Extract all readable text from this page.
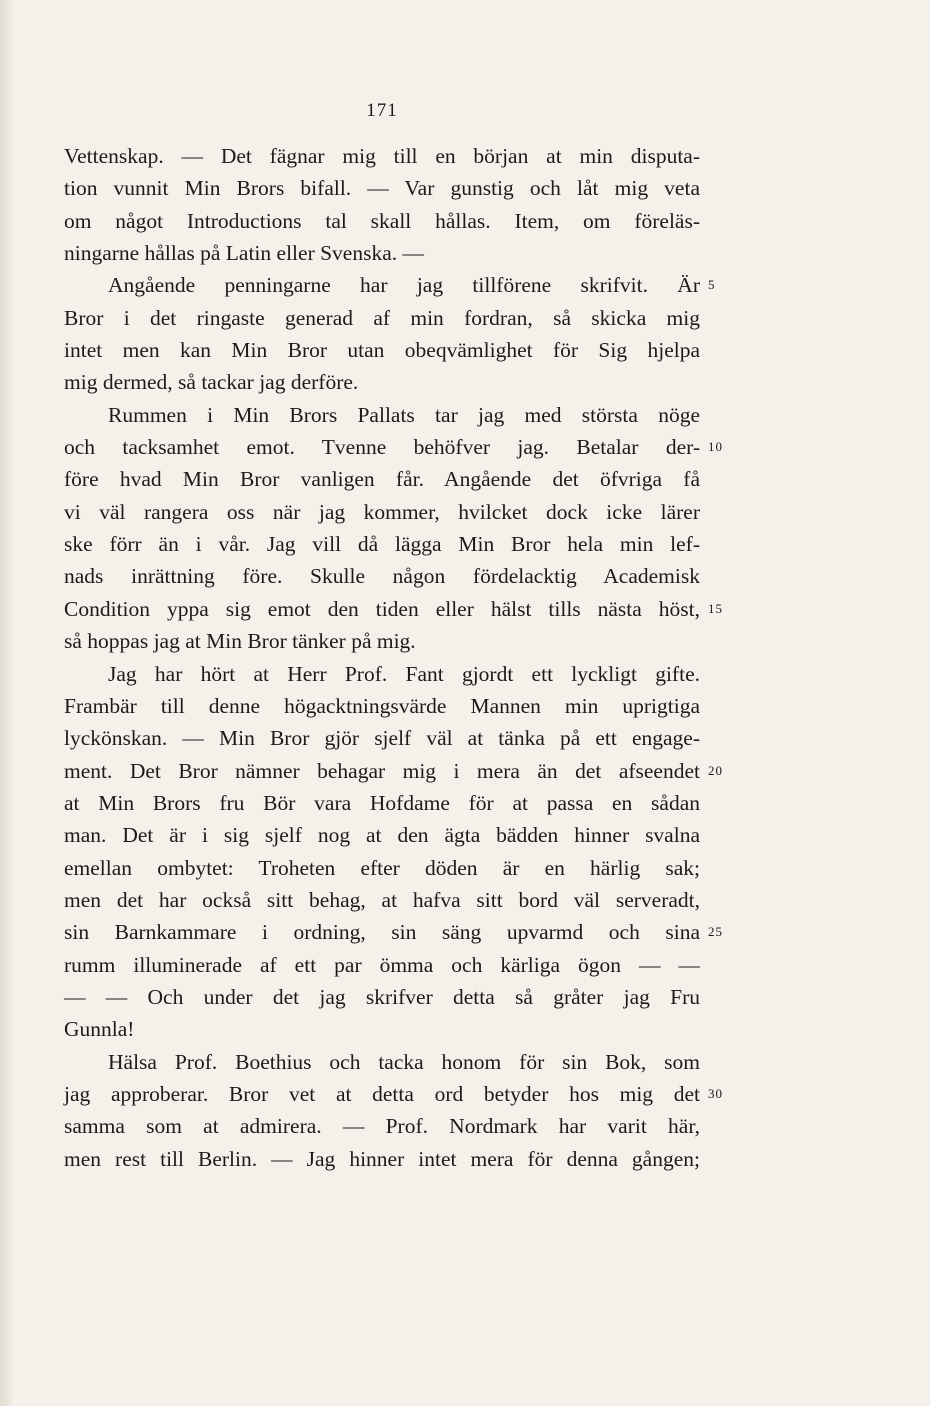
171
Vettenskap. — Det fägnar mig till en början at min disputa-
tion vunnit Min Brors bifall. — Var gunstig och låt mig veta
om något Introductions tal skall hållas. Item, om föreläs-
ningarne hållas på Latin eller Svenska. —
Angående penningarne har jag tillförene skrifvit. Är 5
Bror i det ringaste generad af min fordran, så skicka mig
intet men kan Min Bror utan obeqvämlighet för Sig hjelpa
mig dermed, så tackar jag derföre.
Rummen i Min Brors Pallats tar jag med största nöge
och tacksamhet emot. Tvenne behöfver jag. Betalar der- 10
före hvad Min Bror vanligen får. Angående det öfvriga få
vi väl rangera oss när jag kommer, hvilcket dock icke lärer
ske förr än i vår. Jag vill då lägga Min Bror hela min lef-
nads inrättning före. Skulle någon fördelacktig Academisk
Condition yppa sig emot den tiden eller hälst tills nästa höst, 15
så hoppas jag at Min Bror tänker på mig.
Jag har hört at Herr Prof. Fant gjordt ett lyckligt gifte.
Frambär till denne högacktningsvärde Mannen min uprigtiga
lyckönskan. — Min Bror gjör sjelf väl at tänka på ett engage-
ment. Det Bror nämner behagar mig i mera än det afseendet 20
at Min Brors fru Bör vara Hofdame för at passa en sådan
man. Det är i sig sjelf nog at den ägta bädden hinner svalna
emellan ombytet: Troheten efter döden är en härlig sak;
men det har också sitt behag, at hafva sitt bord väl serveradt,
sin Barnkammare i ordning, sin säng upvarmd och sina 25
rumm illuminerade af ett par ömma och kärliga ögon — —
— — Och under det jag skrifver detta så gråter jag Fru
Gunnla!
Hälsa Prof. Boethius och tacka honom för sin Bok, som
jag approberar. Bror vet at detta ord betyder hos mig det 30
samma som at admirera. — Prof. Nordmark har varit här,
men rest till Berlin. — Jag hinner intet mera för denna gången;
